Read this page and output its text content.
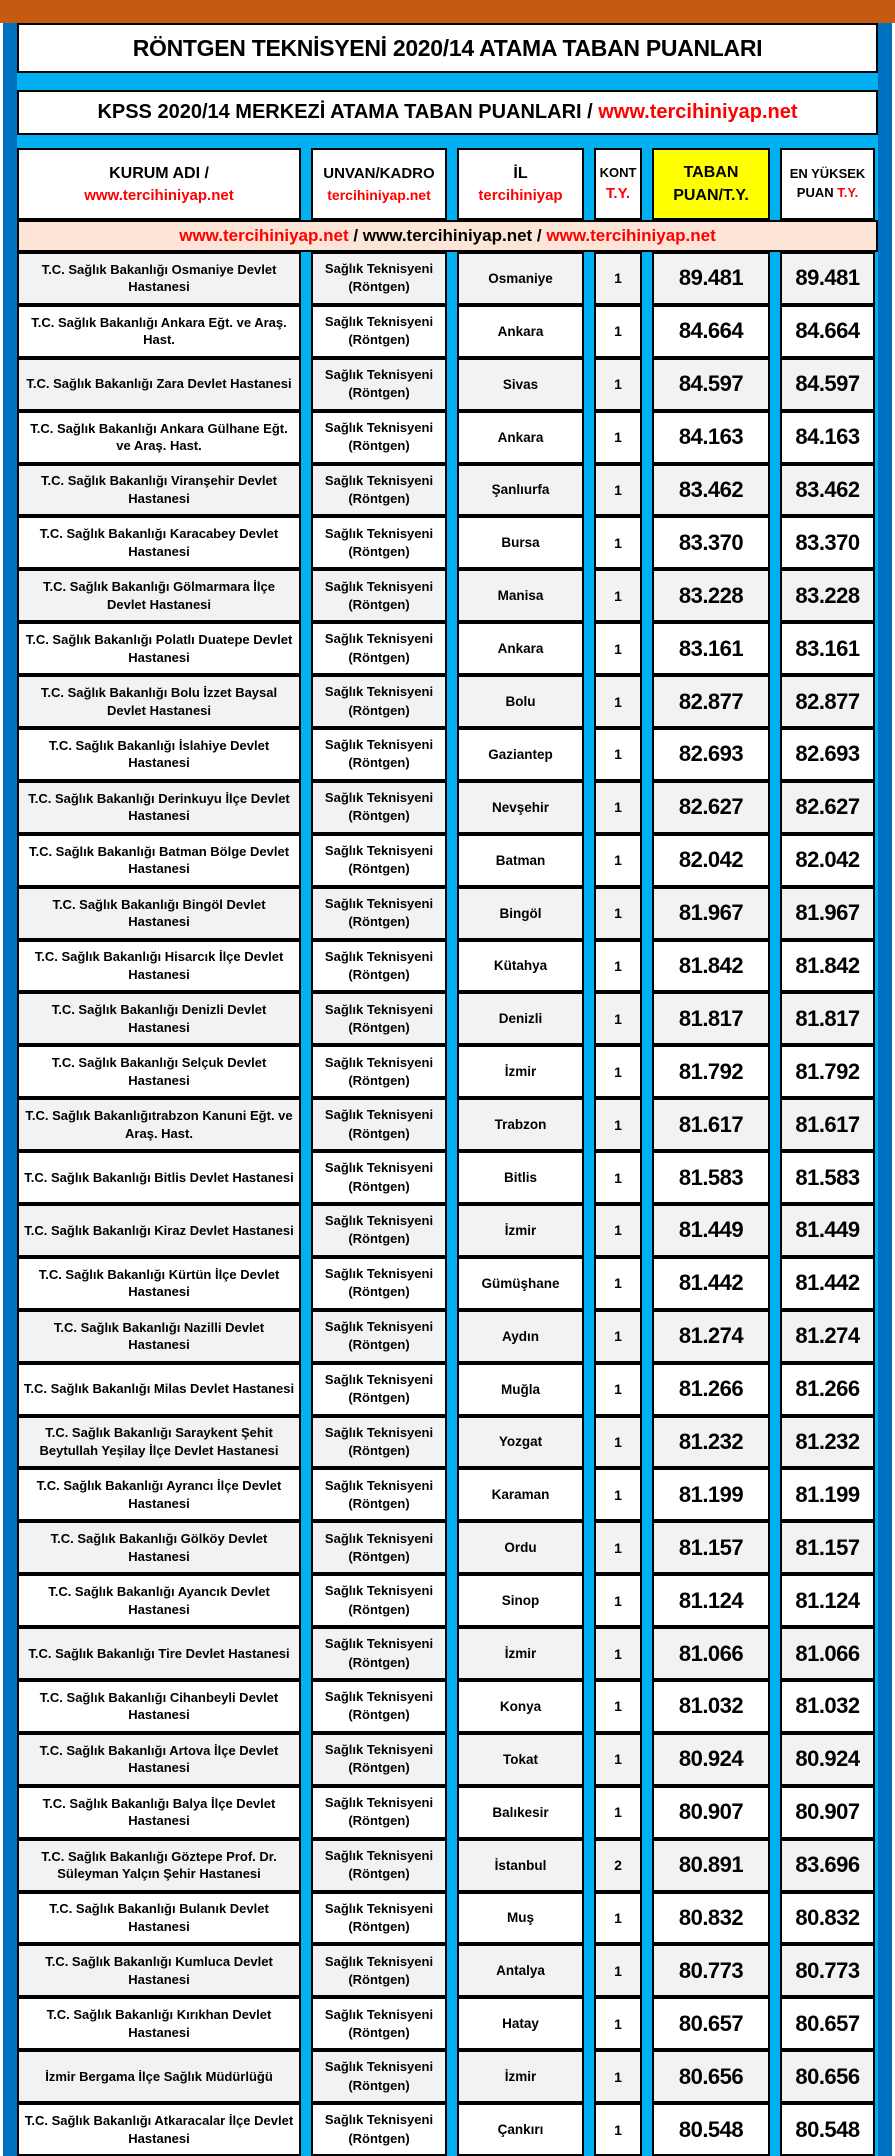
RÖNTGEN TEKNİSYENİ 2020/14 ATAMA TABAN PUANLARI
KPSS 2020/14 MERKEZİ ATAMA TABAN PUANLARI / www.tercihiniyap.net
KURUM ADI /
www.tercihiniyap.net
UNVAN/KADRO
tercihiniyap.net
İL
tercihiniyap
KONT
T.Y.
TABAN
PUAN/T.Y.
EN YÜKSEK
PUAN T.Y.
www.tercihiniyap.net / www.tercihiniyap.net / www.tercihiniyap.net
T.C. Sağlık Bakanlığı Osmaniye Devlet Hastanesi
Sağlık Teknisyeni
(Röntgen)
Osmaniye	1	89.481 89.481
T.C. Sağlık Bakanlığı Ankara Eğt. ve Araş. Hast.
Sağlık Teknisyeni
(Röntgen)
Ankara	1	84.664 84.664
T.C. Sağlık Bakanlığı Zara Devlet Hastanesi
Sağlık Teknisyeni
(Röntgen)
Sivas	1	84.597 84.597
T.C. Sağlık Bakanlığı Ankara Gülhane Eğt. ve Araş. Hast.
Sağlık Teknisyeni
(Röntgen)
Ankara	1	84.163 84.163
T.C. Sağlık Bakanlığı Viranşehir Devlet Hastanesi
Sağlık Teknisyeni
(Röntgen)
Şanlıurfa	1	83.462 83.462
T.C. Sağlık Bakanlığı Karacabey Devlet Hastanesi
Sağlık Teknisyeni
(Röntgen)
Bursa	1	83.370 83.370
T.C. Sağlık Bakanlığı Gölmarmara İlçe Devlet Hastanesi
Sağlık Teknisyeni
(Röntgen)
Manisa	1	83.228 83.228
T.C. Sağlık Bakanlığı Polatlı Duatepe Devlet Hastanesi
Sağlık Teknisyeni
(Röntgen)
Ankara	1	83.161 83.161
T.C. Sağlık Bakanlığı Bolu İzzet Baysal Devlet Hastanesi
Sağlık Teknisyeni
(Röntgen)
Bolu	1	82.877 82.877
T.C. Sağlık Bakanlığı İslahiye Devlet Hastanesi
Sağlık Teknisyeni
(Röntgen)
Gaziantep	1	82.693 82.693
T.C. Sağlık Bakanlığı Derinkuyu İlçe Devlet Hastanesi
Sağlık Teknisyeni
(Röntgen)
Nevşehir	1	82.627 82.627
T.C. Sağlık Bakanlığı Batman Bölge Devlet Hastanesi
Sağlık Teknisyeni
(Röntgen)
Batman	1	82.042 82.042
T.C. Sağlık Bakanlığı Bingöl Devlet Hastanesi
Sağlık Teknisyeni
(Röntgen)
Bingöl	1	81.967 81.967
T.C. Sağlık Bakanlığı Hisarcık İlçe Devlet Hastanesi
Sağlık Teknisyeni
(Röntgen)
Kütahya	1	81.842 81.842
T.C. Sağlık Bakanlığı Denizli Devlet Hastanesi
Sağlık Teknisyeni
(Röntgen)
Denizli	1	81.817 81.817
T.C. Sağlık Bakanlığı Selçuk Devlet Hastanesi
Sağlık Teknisyeni
(Röntgen)
İzmir	1	81.792 81.792
T.C. Sağlık Bakanlığıtrabzon Kanuni Eğt. ve Araş. Hast.
Sağlık Teknisyeni
(Röntgen)
Trabzon	1	81.617 81.617
T.C. Sağlık Bakanlığı Bitlis Devlet Hastanesi
Sağlık Teknisyeni
(Röntgen)
Bitlis	1	81.583 81.583
T.C. Sağlık Bakanlığı Kiraz Devlet Hastanesi
Sağlık Teknisyeni
(Röntgen)
İzmir	1	81.449 81.449
T.C. Sağlık Bakanlığı Kürtün İlçe Devlet Hastanesi
Sağlık Teknisyeni
(Röntgen)
Gümüşhane	1	81.442 81.442
T.C. Sağlık Bakanlığı Nazilli Devlet Hastanesi
Sağlık Teknisyeni
(Röntgen)
Aydın	1	81.274 81.274
T.C. Sağlık Bakanlığı Milas Devlet Hastanesi
Sağlık Teknisyeni
(Röntgen)
Muğla	1	81.266 81.266
T.C. Sağlık Bakanlığı Saraykent Şehit Beytullah Yeşilay İlçe Devlet Hastanesi
Sağlık Teknisyeni
(Röntgen)
Yozgat	1	81.232 81.232
T.C. Sağlık Bakanlığı Ayrancı İlçe Devlet Hastanesi
Sağlık Teknisyeni
(Röntgen)
Karaman	1	81.199 81.199
T.C. Sağlık Bakanlığı Gölköy Devlet Hastanesi
Sağlık Teknisyeni
(Röntgen)
Ordu	1	81.157 81.157
T.C. Sağlık Bakanlığı Ayancık Devlet Hastanesi
Sağlık Teknisyeni
(Röntgen)
Sinop	1	81.124 81.124
T.C. Sağlık Bakanlığı Tire Devlet Hastanesi
Sağlık Teknisyeni
(Röntgen)
İzmir	1	81.066 81.066
T.C. Sağlık Bakanlığı Cihanbeyli Devlet Hastanesi
Sağlık Teknisyeni
(Röntgen)
Konya	1	81.032 81.032
T.C. Sağlık Bakanlığı Artova İlçe Devlet Hastanesi
Sağlık Teknisyeni
(Röntgen)
Tokat	1	80.924 80.924
T.C. Sağlık Bakanlığı Balya İlçe Devlet Hastanesi
Sağlık Teknisyeni
(Röntgen)
Balıkesir	1	80.907 80.907
T.C. Sağlık Bakanlığı Göztepe Prof. Dr. Süleyman Yalçın Şehir Hastanesi
Sağlık Teknisyeni
(Röntgen)
İstanbul	2	80.891 83.696
T.C. Sağlık Bakanlığı Bulanık Devlet Hastanesi
Sağlık Teknisyeni
(Röntgen)
Muş	1	80.832 80.832
T.C. Sağlık Bakanlığı Kumluca Devlet Hastanesi
Sağlık Teknisyeni
(Röntgen)
Antalya	1	80.773 80.773
T.C. Sağlık Bakanlığı Kırıkhan Devlet Hastanesi
Sağlık Teknisyeni
(Röntgen)
Hatay	1	80.657 80.657
İzmir Bergama İlçe Sağlık Müdürlüğü
Sağlık Teknisyeni
(Röntgen)
İzmir	1	80.656 80.656
T.C. Sağlık Bakanlığı Atkaracalar İlçe Devlet Hastanesi
Sağlık Teknisyeni
(Röntgen)
Çankırı	1	80.548 80.548
